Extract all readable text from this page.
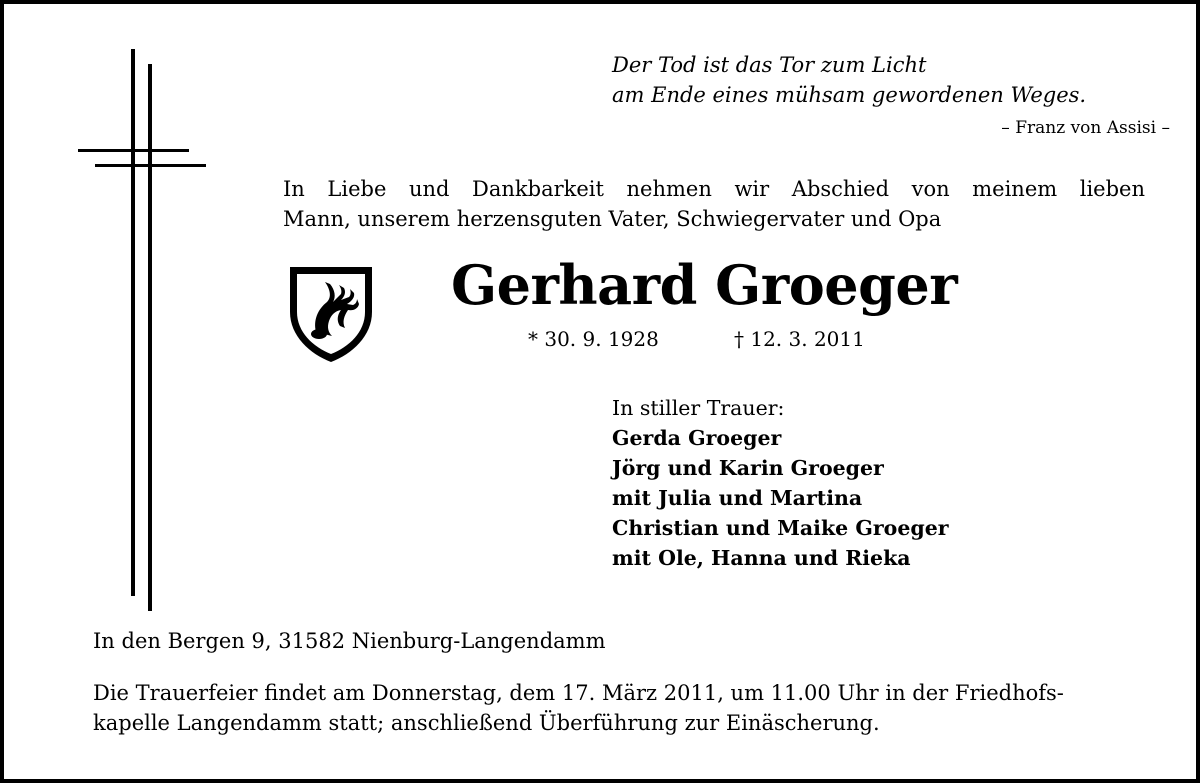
Der Tod ist das Tor zum Licht
am Ende eines mühsam gewordenen Weges.
– Franz von Assisi –
In Liebe und Dankbarkeit nehmen wir Abschied von meinem lieben
Mann, unserem herzensguten Vater, Schwiegervater und Opa
Gerhard Groeger
* 30. 9. 1928	† 12. 3. 2011
In stiller Trauer:
Gerda Groeger
Jörg und Karin Groeger
mit Julia und Martina
Christian und Maike Groeger
mit Ole, Hanna und Rieka
In den Bergen 9, 31582 Nienburg-Langendamm
Die Trauerfeier findet am Donnerstag, dem 17. März 2011, um 11.00 Uhr in der Friedhofs-
kapelle Langendamm statt; anschließend Überführung zur Einäscherung.
